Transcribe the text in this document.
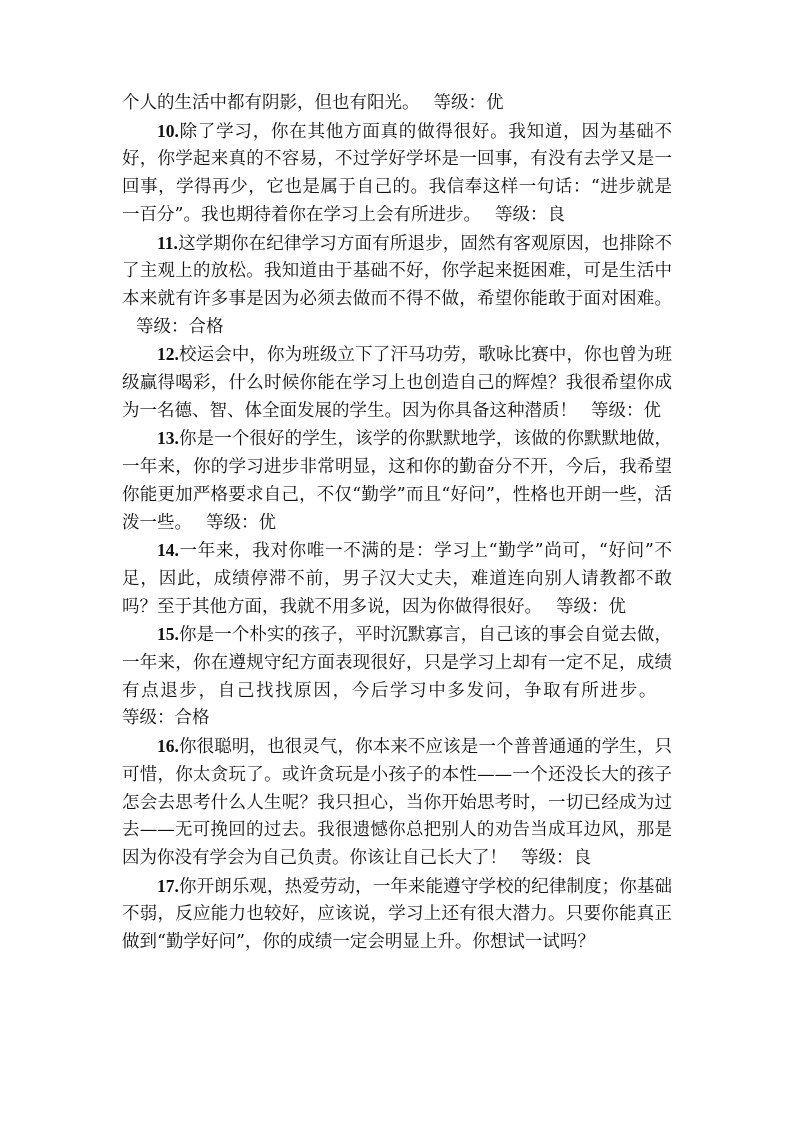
个人的生活中都有阴影，但也有阳光。 等级：优

10.除了学习，你在其他方面真的做得很好。我知道，因为基础不好，你学起来真的不容易，不过学好学坏是一回事，有没有去学又是一回事，学得再少，它也是属于自己的。我信奉这样一句话：“进步就是一百分”。我也期待着你在学习上会有所进步。 等级：良

11.这学期你在纪律学习方面有所退步，固然有客观原因，也排除不了主观上的放松。我知道由于基础不好，你学起来挺困难，可是生活中本来就有许多事是因为必须去做而不得不做，希望你能敢于面对困难。等级：合格

12.校运会中，你为班级立下了汗马功劳，歌咏比赛中，你也曾为班级赢得喝彩，什么时候你能在学习上也创造自己的辉煌？我很希望你成为一名德、智、体全面发展的学生。因为你具备这种潜质！ 等级：优

13.你是一个很好的学生，该学的你默默地学，该做的你默默地做，一年来，你的学习进步非常明显，这和你的勤奋分不开，今后，我希望你能更加严格要求自己，不仅“勤学”而且“好问”，性格也开朗一些，活泼一些。 等级：优

14.一年来，我对你唯一不满的是：学习上“勤学”尚可，“好问”不足，因此，成绩停滞不前，男子汉大丈夫，难道连向别人请教都不敢吗？至于其他方面，我就不用多说，因为你做得很好。 等级：优

15.你是一个朴实的孩子，平时沉默寡言，自己该的事会自觉去做，一年来，你在遵规守纪方面表现很好，只是学习上却有一定不足，成绩有点退步，自己找找原因，今后学习中多发问，争取有所进步。等级：合格

16.你很聪明，也很灵气，你本来不应该是一个普普通通的学生，只可惜，你太贪玩了。或许贪玩是小孩子的本性——一个还没长大的孩子怎会去思考什么人生呢？我只担心，当你开始思考时，一切已经成为过去——无可挽回的过去。我很遗憾你总把别人的劝告当成耳边风，那是因为你没有学会为自己负责。你该让自己长大了！ 等级：良

17.你开朗乐观，热爱劳动，一年来能遵守学校的纪律制度；你基础不弱，反应能力也较好，应该说，学习上还有很大潜力。只要你能真正做到“勤学好问”，你的成绩一定会明显上升。你想试一试吗？
